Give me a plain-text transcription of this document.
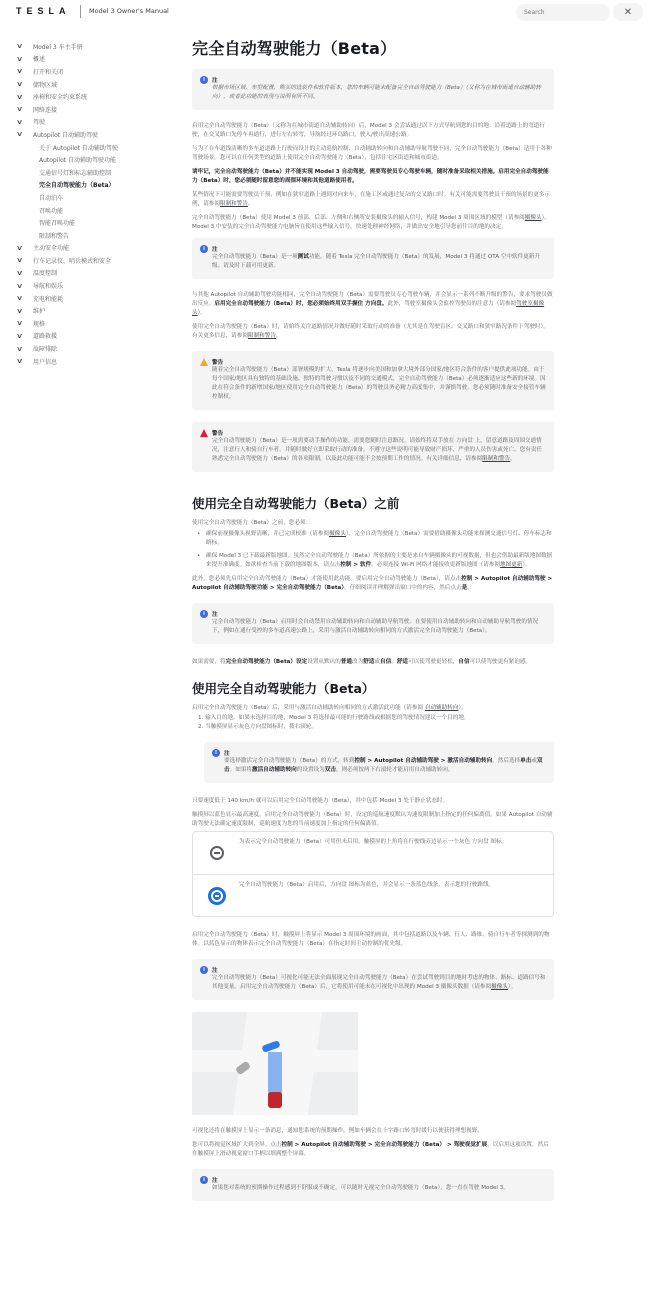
TESLA	Model 3 Owner's Manual
Search	✕
∨	Model 3 车主手册
∨	概述
∨	打开和关闭
∨	储物区域
∨	座椅和安全约束系统
∨	网络连接
∨	驾驶
∨	Autopilot 自动辅助驾驶
关于 Autopilot 自动辅助驾驶
Autopilot 自动辅助驾驶功能
交通信号灯和标志辅助控制
完全自动驾驶能力（Beta）
自动泊车
召唤功能
智能召唤功能
限制和警告
∨	主动安全功能
∨	行车记录仪、哨兵模式和安全
∨	温度控制
∨	导航和娱乐
∨	充电和能耗
∨	维护
∨	规格
∨	道路救援
∨	故障排除
∨	用户信息
完全自动驾驶能力（Beta）
i	注
根据市场区域、车型配置、购买的选装件和软件版本，您的车辆可能未配备完全自动驾驶能力（Beta）（又称为在城市街道自动辅助转向），或者此功能的表现与说明有所不同。

启用完全自动驾驶能力（Beta）（又称为在城市街道自动辅助转向）后，Model 3 会尝试通过以下方式导航到您的目的地：沿着道路上的弯道行驶，在交叉路口先停车再通行，进行左右转弯，导航经过环岛路口，驶入/驶出高速公路。

与为了在车道线清晰的多车道道路上行驶而设计的主动巡航控制、自动辅助转向和自动辅助导航驾驶不同，完全自动驾驶能力（Beta）适用于各种驾驶场景。您可以在任何类型的道路上使用完全自动驾驶能力（Beta），包括住宅区街道和城市街道。

请牢记，完全自动驾驶能力（Beta）并不能实现 Model 3 自动驾驶，需要驾驶员专心驾驶车辆，随时准备采取相关措施。启用完全自动驾驶能力（Beta）时，您必须随时留意您的周围环境和其他道路使用者。

某些情况下可能需要驾驶员干预，例如在狭窄道路上遇到对向来车，在施工区或通过复杂的交叉路口时。有关可能需要驾驶员干预的场景的更多示例，请参阅限制和警告。

完全自动驾驶能力（Beta）使用 Model 3 前部、后部、左侧和右侧所安装摄像头的输入信号，构建 Model 3 周围区域的模型（请参阅摄像头）。Model 3 中安装的完全自动驾驶能力电脑旨在使用这些输入信号，快速处理神经网络，并做出安全地引导您前往目的地的决定。

i	注
完全自动驾驶能力（Beta）是一项测试功能。随着 Tesla 完全自动驾驶能力（Beta）的发展，Model 3 将通过 OTA 空中软件更新升级。请及时下载可用更新。

与其他 Autopilot 自动辅助驾驶功能相同，完全自动驾驶能力（Beta）需要驾驶员专心驾驶车辆，并会显示一系列不断升级的警告，要求驾驶员做出反应。启用完全自动驾驶能力（Beta）时，您必须始终用双手握住 方向盘。此外，驾驶室摄像头会监控驾驶员的注意力（请参阅驾驶室摄像头）。

使用完全自动驾驶能力（Beta）时，请始终关注道路情况并做好随时采取行动的准备（尤其是在驾驶盲区、交叉路口和狭窄路况条件下驾驶时）。有关更多信息，请参阅限制和警告。

警告
随着完全自动驾驶能力（Beta）部署规模的扩大，Tesla 将逐步向美国和加拿大境外部分国家/地区符合条件的客户提供此项功能。由于每个国家/地区具有独特的基础设施、独特的驾驶习惯以及不同的交通模式，完全自动驾驶能力（Beta）必须逐渐适应这些新的环境。因此在符合条件的新增国家/地区使用完全自动驾驶能力（Beta）的驾驶员务必精力高度集中，并谨慎驾驶。您必须随时准备安全接管车辆控制权。
警告
完全自动驾驶能力（Beta）是一项需要动手操作的功能，需要您随时注意路况。请始终将双手放在 方向盘 上，留意道路及周围交通情况，注意行人和骑自行车者，并随时做好立即采取行动的准备。不遵守这些说明可能导致财产损坏、严重的人员伤害或死亡。您有责任熟悉完全自动驾驶能力（Beta）的各项限制，以及此功能可能不会按预期工作的情况。有关详细信息，请参阅限制和警告。
使用完全自动驾驶能力（Beta）之前

使用完全自动驾驶能力（Beta）之前，您必须：

• 确保前视摄像头视野清晰，并已完成校准（请参阅摄像头）。完全自动驾驶能力（Beta）需要借助摄像头功能来探测交通信号灯、停车标志和路标。
• 确保 Model 3 已下载最新版地图。虽然完全自动驾驶能力（Beta）所依据的主要是来自车辆摄像头的可视数据，但也会借助最新版地图数据来提升准确度。如欲检查当前下载的地图版本，请点击控制 > 软件。必须连接 Wi-Fi 网络才能接收更新版地图（请参阅地图更新）。

此外，您必须先启用完全自动驾驶能力（Beta）才能使用此功能。要启用完全自动驾驶能力（Beta），请点击控制 > Autopilot 自动辅助驾驶 > Autopilot 自动辅助驾驶功能 > 完全自动驾驶能力（Beta），仔细阅读并理解弹出窗口中的内容，然后点击是。

i	注
完全自动驾驶能力（Beta）启用时会自动禁用自动辅助转向和自动辅助导航驾驶。在要使用自动辅助转向和自动辅助导航驾驶的情况下，例如在通行受控的多车道高速公路上，采用与激活自动辅助转向相同的方式激活完全自动驾驶能力（Beta）。

如果需要，将完全自动驾驶能力（Beta）设定设置从默认的普通改为舒适或自信。舒适可以使驾驶更轻松，自信可以使驾驶更有紧迫感。

使用完全自动驾驶能力（Beta）

启用完全自动驾驶能力（Beta）后，采用与激活自动辅助转向相同的方式激活此功能（请参阅 自动辅助转向）。

1. 输入目的地。如果未选择目的地，Model 3 将选择最可能的行驶路线或根据您的驾驶情况建议一个目的地。
2. 当触摸屏显示灰色方向盘图标时，拨右滚轮。
i	注
要选择激活完全自动驾驶能力（Beta）的方式，转到控制 > Autopilot 自动辅助驾驶 > 激活自动辅助转向，然后选择单击或双击。如果将激活自动辅助转向的设置设为双击，则必须按两下右滚轮才能启用自动辅助转向。

只要速度低于 140 km/h 就可以启用完全自动驾驶能力（Beta），其中包括 Model 3 处于静止状态时。

触摸屏以蓝色显示最高速度。启用完全自动驾驶能力（Beta）时，设定的巡航速度默认为速度限制加上指定的任何偏离值。如果 Autopilot 自动辅助驾驶无法确定速度限制，巡航速度为您的当前速度加上指定的任何偏离值。

为表示完全自动驾驶能力（Beta）可用但未启用，触摸屏的上角将在行驶线旁边显示一个灰色 方向盘 图标。
完全自动驾驶能力（Beta）启用后，方向盘 图标为蓝色，并会显示一条蓝色线条，表示您的行驶路线。

启用完全自动驾驶能力（Beta）时，触摸屏上将显示 Model 3 周围环境的画面，其中包括道路以及车辆、行人、路锥、骑自行车者等探测到的物体。以蓝色显示的物体表示完全自动驾驶能力（Beta）在指定时间主动控制的优先级。

i	注
完全自动驾驶能力（Beta）可视化可能无法全面展现完全自动驾驶能力（Beta）在尝试驾驶到目的地时考虑的物体、路标、道路信号和其他变量。启用完全自动驾驶能力（Beta）后，它将使用可能未在可视化中出现的 Model 3 摄像头数据（请参阅摄像头）。

可视化还将在触摸屏上显示一条消息，通知您系统的预期操作，例如车辆会在十字路口转弯时缓行以便获得理想视野。

您可以将视觉区域扩大到全屏。点击控制 > Autopilot 自动辅助驾驶 > 完全自动驾驶能力（Beta） > 驾驶视觉扩展，以启用这项设置。然后在触摸屏上滑动视觉窗口手柄以填满整个屏幕。

i	注
如果您对系统的预期操作过程感到不舒服或不确定，可以随时无视完全自动驾驶能力（Beta），您一直在驾驶 Model 3。
